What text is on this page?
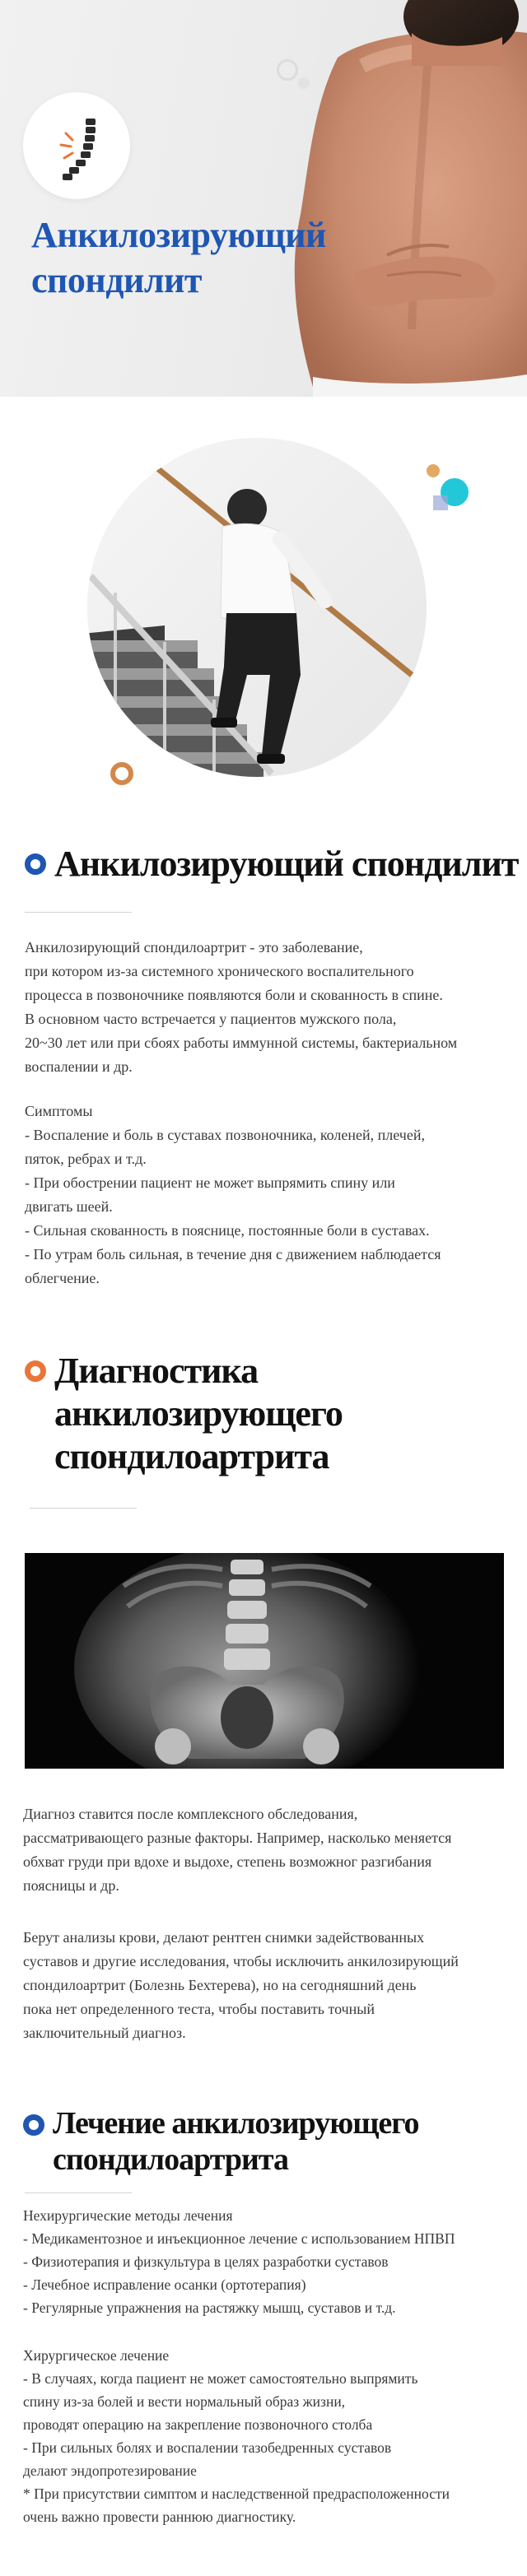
Анкилозирующий
спондилит
Анкилозирующий спондилит

Анкилозирующий спондилоартрит - это заболевание,

при котором из-за системного хронического воспалительного

процесса в позвоночнике появляются боли и скованность в спине.

В основном часто встречается у пациентов мужского пола,

20~30 лет или при сбоях работы иммунной системы, бактериальном

воспалении и др.

Симптомы

- Воспаление и боль в суставах позвоночника, коленей, плечей,

пяток, ребрах и т.д.

- При обострении пациент не может выпрямить спину или

двигать шеей.

- Сильная скованность в пояснице, постоянные боли в суставах.

- По утрам боль сильная, в течение дня с движением наблюдается

облегчение.

Диагностика
анкилозирующего
спондилоартрита

Диагноз ставится после комплексного обследования,

рассматривающего разные факторы. Например, насколько меняется

обхват груди при вдохе и выдохе, степень возможног разгибания

поясницы и др.

Берут анализы крови, делают рентген снимки задействованных

суставов и другие исследования, чтобы исключить анкилозирующий

спондилоартрит (Болезнь Бехтерева), но на сегодняшний день

пока нет определенного теста, чтобы поставить точный

заключительный диагноз.

Лечение анкилозирующего
спондилоартрита

Нехирургические методы лечения

- Медикаментозное и инъекционное лечение с использованием НПВП

- Физиотерапия и физкультура в целях разработки суставов

- Лечебное исправление осанки (ортотерапия)

- Регулярные упражнения на растяжку мышц, суставов и т.д.

Хирургическое лечение

- В случаях, когда пациент не может самостоятельно выпрямить

спину из-за болей и вести нормальный образ жизни,

проводят операцию на закрепление позвоночного столба

- При сильных болях и воспалении тазобедренных суставов

делают эндопротезирование

* При присутствии симптом и наследственной предрасположенности

очень важно провести раннюю диагностику.
